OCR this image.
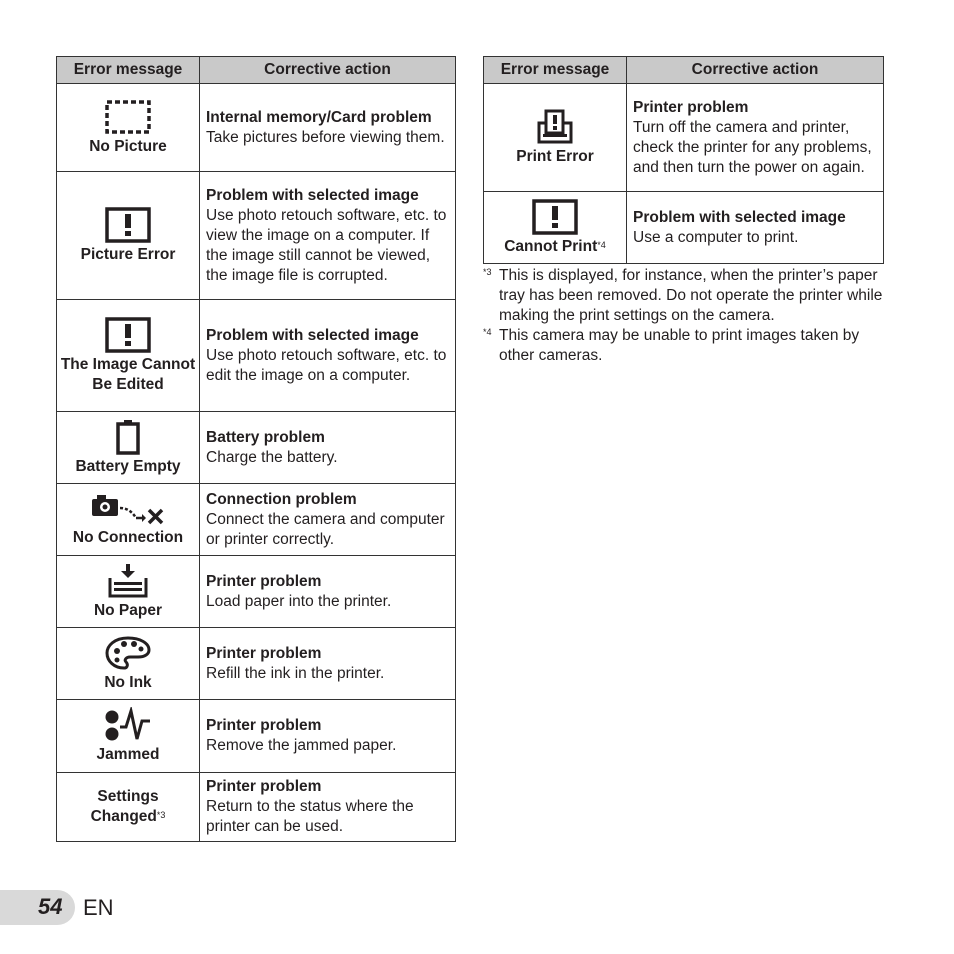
Error message	Corrective action

No Picture	Internal memory/Card problem
Take pictures before viewing them.

Picture Error	Problem with selected image
Use photo retouch software, etc. to view the image on a computer. If the image still cannot be viewed, the image file is corrupted.

The Image Cannot Be Edited	Problem with selected image
Use photo retouch software, etc. to edit the image on a computer.

Battery Empty	Battery problem
Charge the battery.

No Connection	Connection problem
Connect the camera and computer or printer correctly.

No Paper	Printer problem
Load paper into the printer.

No Ink	Printer problem
Refill the ink in the printer.

Jammed	Printer problem
Remove the jammed paper.

Settings Changed$^{*3}$	Printer problem
Return to the status where the printer can be used.
Error message	Corrective action

Print Error	Printer problem
Turn off the camera and printer, check the printer for any problems, and then turn the power on again.

Cannot Print$^{*4}$	Problem with selected image
Use a computer to print.
*3 This is displayed, for instance, when the printer’s paper tray has been removed. Do not operate the printer while making the print settings on the camera.
*4 This camera may be unable to print images taken by other cameras.
54 EN
